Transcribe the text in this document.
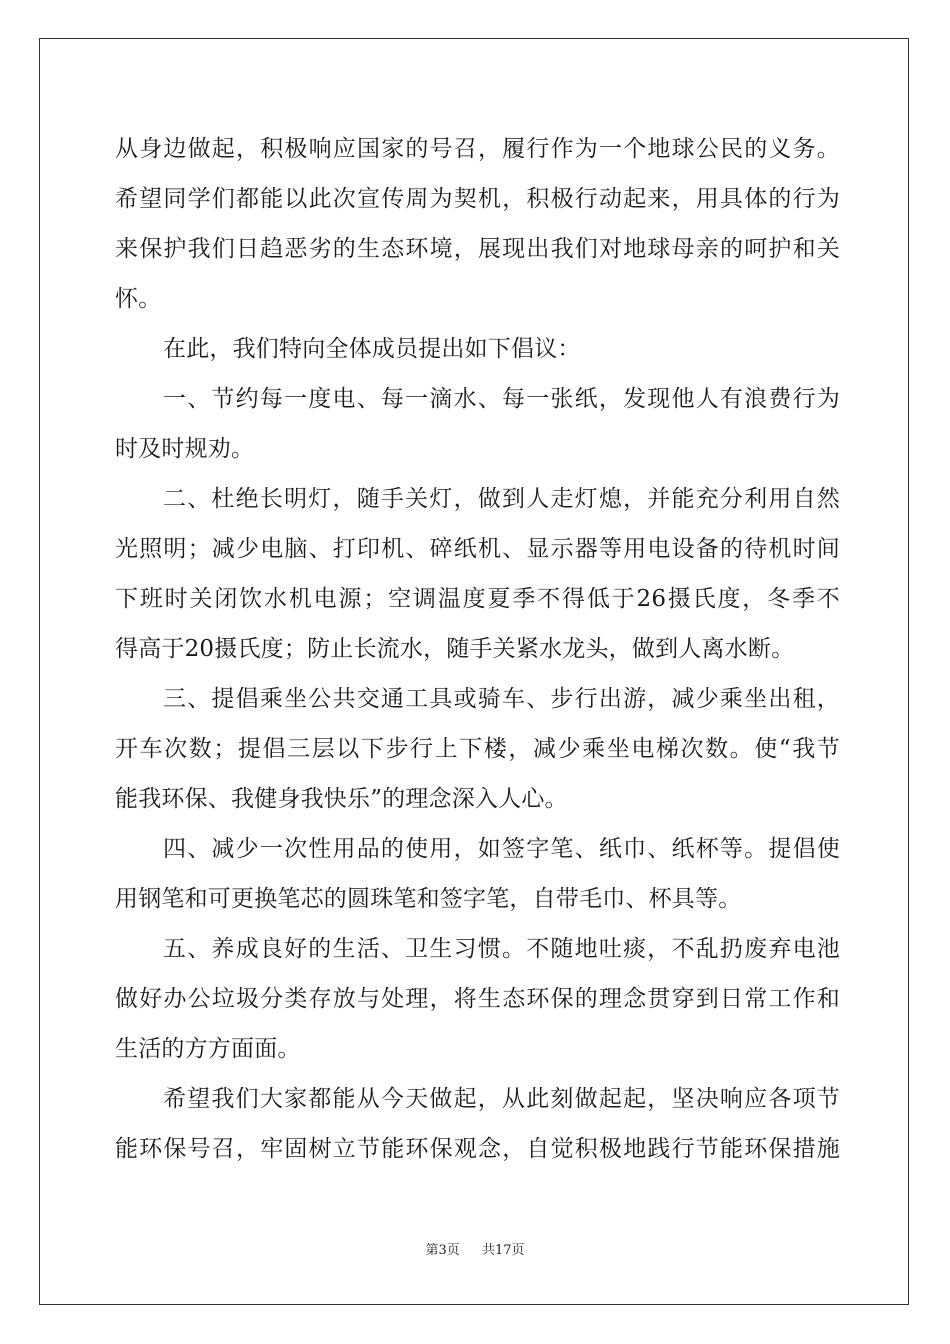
从身边做起，积极响应国家的号召，履行作为一个地球公民的义务。
希望同学们都能以此次宣传周为契机，积极行动起来，用具体的行为
来保护我们日趋恶劣的生态环境，展现出我们对地球母亲的呵护和关
怀。
在此，我们特向全体成员提出如下倡议：
一、节约每一度电、每一滴水、每一张纸，发现他人有浪费行为
时及时规劝。
二、杜绝长明灯，随手关灯，做到人走灯熄，并能充分利用自然
光照明；减少电脑、打印机、碎纸机、显示器等用电设备的待机时间
下班时关闭饮水机电源；空调温度夏季不得低于26摄氏度，冬季不
得高于20摄氏度；防止长流水，随手关紧水龙头，做到人离水断。
三、提倡乘坐公共交通工具或骑车、步行出游，减少乘坐出租，
开车次数；提倡三层以下步行上下楼，减少乘坐电梯次数。使“我节
能我环保、我健身我快乐”的理念深入人心。
四、减少一次性用品的使用，如签字笔、纸巾、纸杯等。提倡使
用钢笔和可更换笔芯的圆珠笔和签字笔，自带毛巾、杯具等。
五、养成良好的生活、卫生习惯。不随地吐痰，不乱扔废弃电池
做好办公垃圾分类存放与处理，将生态环保的理念贯穿到日常工作和
生活的方方面面。
希望我们大家都能从今天做起，从此刻做起起，坚决响应各项节
能环保号召，牢固树立节能环保观念，自觉积极地践行节能环保措施
第3页 共17页
